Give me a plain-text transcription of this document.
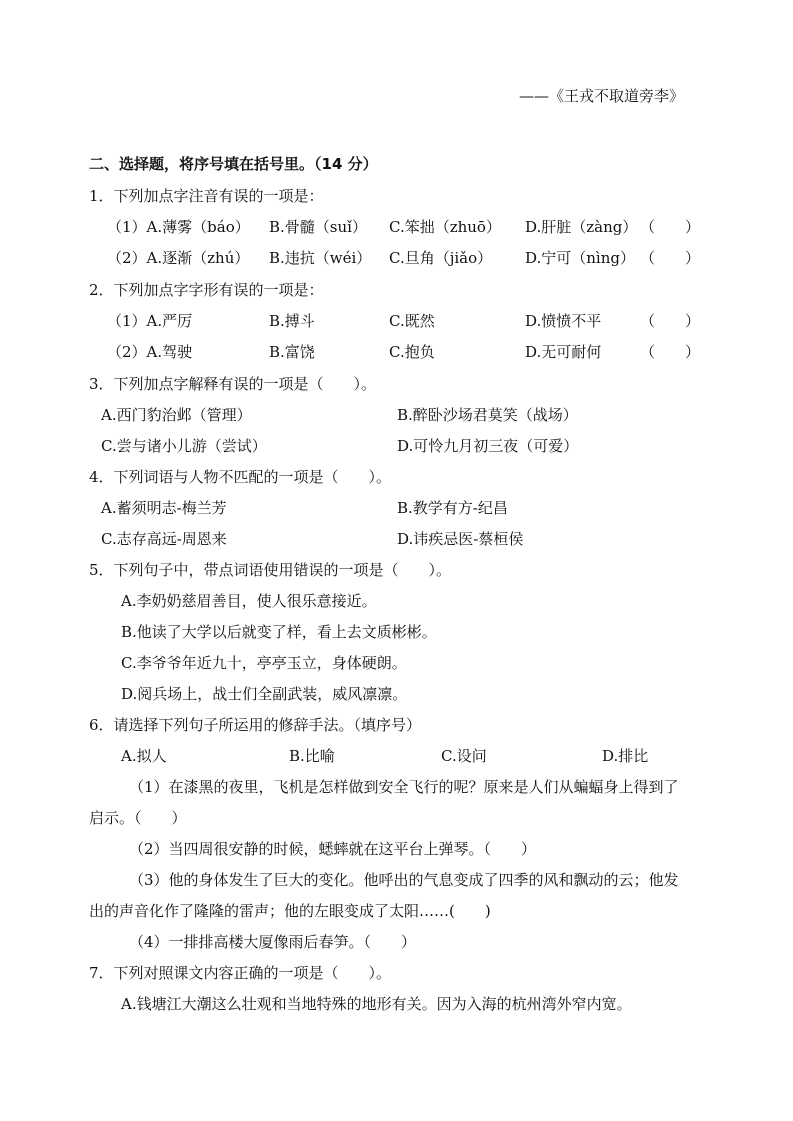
——《王戎不取道旁李》
二、选择题，将序号填在括号里。（14 分）
1．下列加点字注音有误的一项是：
（1）A.薄雾（báo） B.骨髓（suǐ） C.笨拙（zhuō） D.肝脏（zàng） （　　）
（2）A.逐渐（zhú） B.违抗（wéi） C.旦角（jiǎo） D.宁可（nìng） （　　）
2．下列加点字字形有误的一项是：
（1）A.严厉	B.搏斗	C.既然	D.愤愤不平	（　　）
（2）A.驾驶	B.富饶	C.抱负	D.无可耐何	（　　）
3．下列加点字解释有误的一项是（　　）。
A.西门豹治邺（管理）	B.醉卧沙场君莫笑（战场）
C.尝与诸小儿游（尝试）	D.可怜九月初三夜（可爱）
4．下列词语与人物不匹配的一项是（　　）。
A.蓄须明志-梅兰芳	B.教学有方-纪昌
C.志存高远-周恩来	D.讳疾忌医-蔡桓侯
5．下列句子中，带点词语使用错误的一项是（　　）。
A.李奶奶慈眉善目，使人很乐意接近。
B.他读了大学以后就变了样，看上去文质彬彬。
C.李爷爷年近九十，亭亭玉立，身体硬朗。
D.阅兵场上，战士们全副武装，威风凛凛。
6．请选择下列句子所运用的修辞手法。（填序号）
A.拟人	B.比喻	C.设问	D.排比
（1）在漆黑的夜里，飞机是怎样做到安全飞行的呢？原来是人们从蝙蝠身上得到了
启示。（　　）
（2）当四周很安静的时候，蟋蟀就在这平台上弹琴。（　　）
（3）他的身体发生了巨大的变化。他呼出的气息变成了四季的风和飘动的云；他发
出的声音化作了隆隆的雷声；他的左眼变成了太阳……(　　)
（4）一排排高楼大厦像雨后春笋。（　　）
7．下列对照课文内容正确的一项是（　　）。
A.钱塘江大潮这么壮观和当地特殊的地形有关。因为入海的杭州湾外窄内宽。
